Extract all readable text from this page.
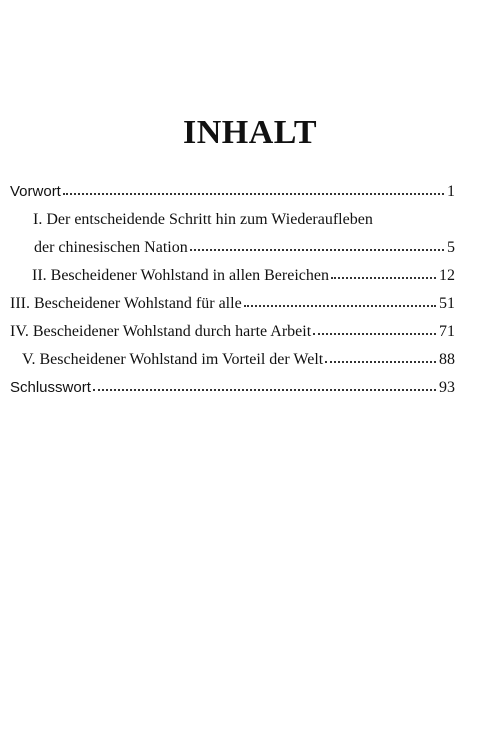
INHALT
Vorwort	1
I. Der entscheidende Schritt hin zum Wiederaufleben
der chinesischen Nation	5
II. Bescheidener Wohlstand in allen Bereichen	12
III. Bescheidener Wohlstand für alle	51
IV. Bescheidener Wohlstand durch harte Arbeit	71
V. Bescheidener Wohlstand im Vorteil der Welt	88
Schlusswort	93
